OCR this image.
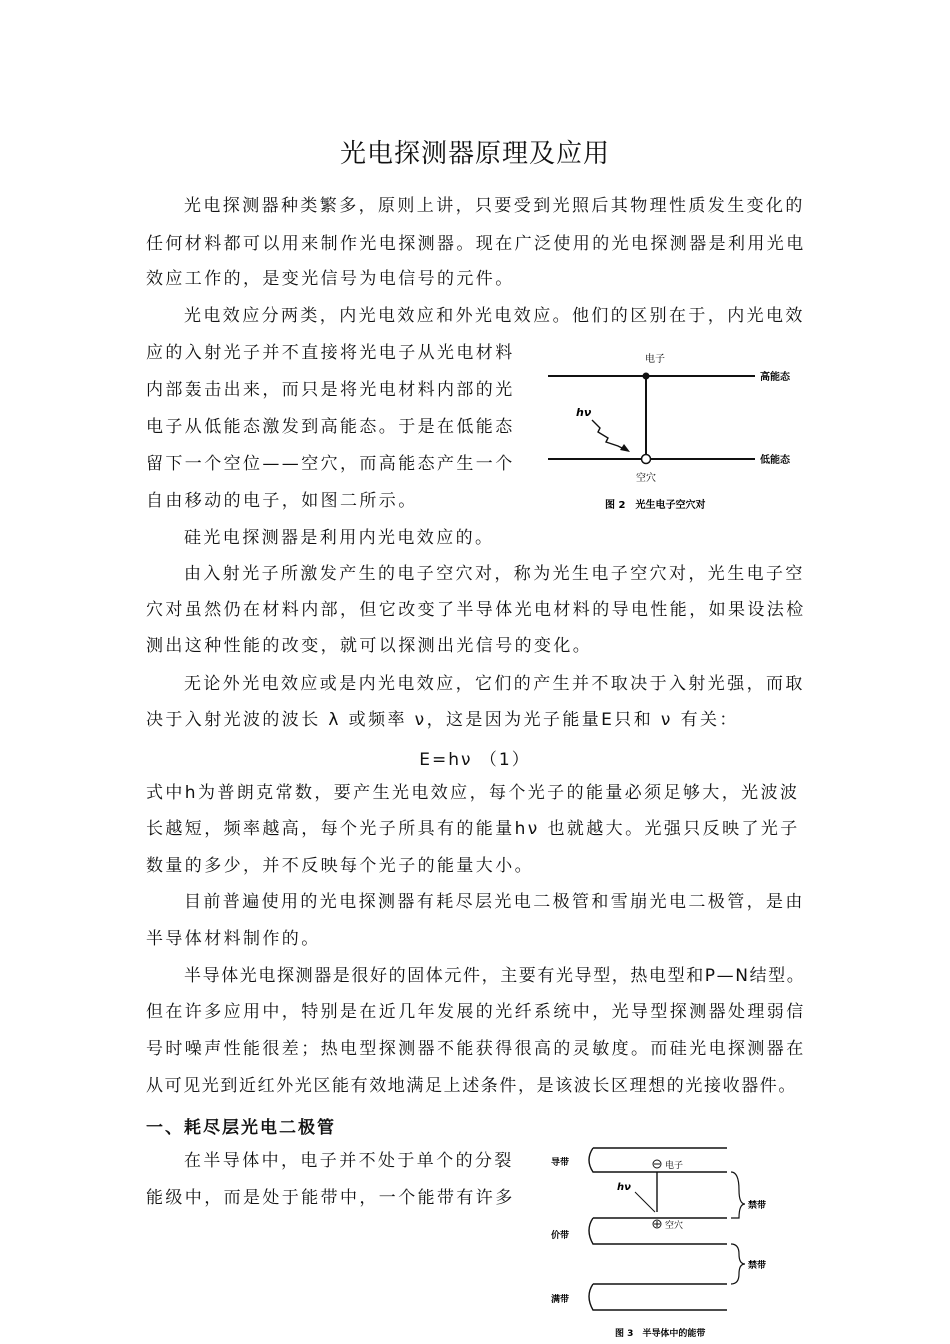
光电探测器原理及应用
光电探测器种类繁多，原则上讲，只要受到光照后其物理性质发生变化的
任何材料都可以用来制作光电探测器。现在广泛使用的光电探测器是利用光电
效应工作的，是变光信号为电信号的元件。
光电效应分两类，内光电效应和外光电效应。他们的区别在于，内光电效
应的入射光子并不直接将光电子从光电材料
内部轰击出来，而只是将光电材料内部的光
电子从低能态激发到高能态。于是在低能态
留下一个空位——空穴，而高能态产生一个
自由移动的电子，如图二所示。
硅光电探测器是利用内光电效应的。
由入射光子所激发产生的电子空穴对，称为光生电子空穴对，光生电子空
穴对虽然仍在材料内部，但它改变了半导体光电材料的导电性能，如果设法检
测出这种性能的改变，就可以探测出光信号的变化。
无论外光电效应或是内光电效应，它们的产生并不取决于入射光强，而取
决于入射光波的波长 λ 或频率 ν，这是因为光子能量E只和 ν 有关：
E=hν （1）
式中h为普朗克常数，要产生光电效应，每个光子的能量必须足够大，光波波
长越短，频率越高，每个光子所具有的能量hν 也就越大。光强只反映了光子
数量的多少，并不反映每个光子的能量大小。
目前普遍使用的光电探测器有耗尽层光电二极管和雪崩光电二极管，是由
半导体材料制作的。
半导体光电探测器是很好的固体元件，主要有光导型，热电型和P—N结型。
但在许多应用中，特别是在近几年发展的光纤系统中，光导型探测器处理弱信
号时噪声性能很差；热电型探测器不能获得很高的灵敏度。而硅光电探测器在
从可见光到近红外光区能有效地满足上述条件，是该波长区理想的光接收器件。
一、耗尽层光电二极管
在半导体中，电子并不处于单个的分裂
能级中，而是处于能带中，一个能带有许多
电子
高能态
低能态
空穴
hν
图 2　光生电子空穴对
导带	电子
hν
禁带
空穴
价带
禁带
满带
图 3　半导体中的能带
